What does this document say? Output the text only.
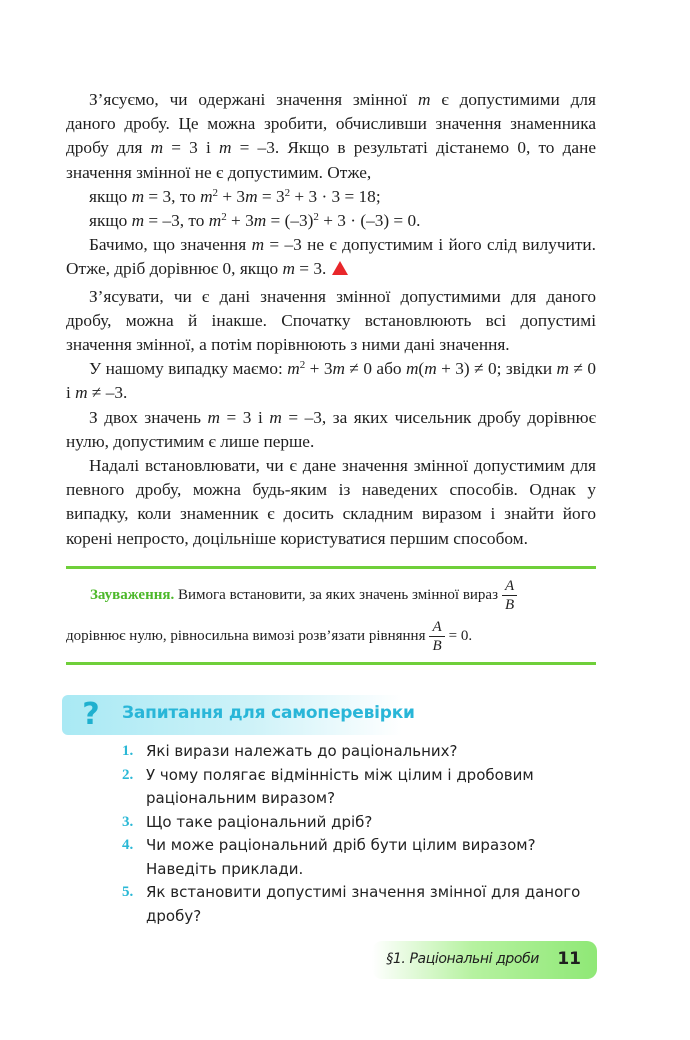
З’ясуємо, чи одержані значення змінної m є допустимими для даного дробу. Це можна зробити, обчисливши значення знаменника дробу для m = 3 і m = –3. Якщо в результаті дістанемо 0, то дане значення змінної не є допустимим. Отже,

якщо m = 3, то $m^2 + 3m = 3^2 + 3 \cdot 3 = 18$;

якщо m = –3, то $m^2 + 3m = (-3)^2 + 3 \cdot (-3) = 0$.

Бачимо, що значення m = –3 не є допустимим і його слід вилучити. Отже, дріб дорівнює 0, якщо m = 3.

З’ясувати, чи є дані значення змінної допустимими для даного дробу, можна й інакше. Спочатку встановлюють всі допустимі значення змінної, а потім порівнюють з ними дані значення.

У нашому випадку маємо: $m^2 + 3m \ne 0$ або m(m + 3) ≠ 0; звідки m ≠ 0 і m ≠ –3.

З двох значень m = 3 і m = –3, за яких чисельник дробу дорівнює нулю, допустимим є лише перше.

Надалі встановлювати, чи є дане значення змінної допустимим для певного дробу, можна будь-яким із наведених способів. Однак у випадку, коли знаменник є досить складним виразом і знайти його корені непросто, доцільніше користуватися першим способом.

Зауваження. Вимога встановити, за яких значень змінної вираз $\frac{A}{B}$
дорівнює нулю, рівносильна вимозі розв’язати рівняння $\frac{A}{B} = 0$.
?	Запитання для самоперевірки
1. Які вирази належать до раціональних?
2. У чому полягає відмінність між цілим і дробовим раціональним виразом?
3. Що таке раціональний дріб?
4. Чи може раціональний дріб бути цілим виразом? Наведіть приклади.
5. Як встановити допустимі значення змінної для даного дробу?
§1. Раціональні дроби 11
